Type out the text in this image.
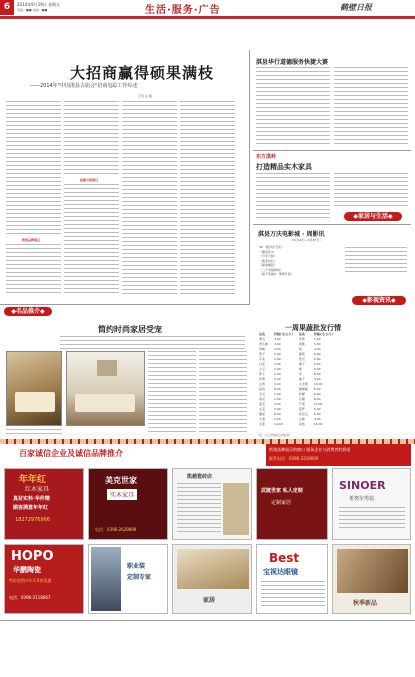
6	2014年9月19日 星期五
责编：■■ 美编：■■	生活·服务·广告	鹤壁日报
大招商赢得硕果满枝
——2014年"中国浚县古庙会"招商追踪工作综述
记者 张 璐
特色品牌项目
招商引资项目
淇县华行道德服务快捷大赛
东方淇岭
打造精品实木家具
◆家居与生活◆
淇县万庆电影城 · 周影讯
（9月19日—9月25日）
3D《银河护卫队》
《敢死队3》
《分手大师》
《黄金时代》
《猩球崛起》
《三个未婚妈妈》
《痞子英雄2：黎明升起》
◆影视资讯◆
◆名品推介◆
简约时尚家居受宠	一周果蔬批发行情
品名	价格(元/公斤)	品名	价格(元/公斤)
黄瓜	4.00	苹果	7.00
西红柿	3.00	香蕉	5.00
青椒	3.00	梨	4.00
茄子	3.00	葡萄	6.00
芹菜	2.00	西瓜	2.00
白菜	1.00	橘子	5.00
土豆	2.00	桃	6.00
萝卜	1.00	枣	8.00
洋葱	2.00	柚子	4.00
豆角	4.00	火龙果	10.00
蒜苔	8.00	猕猴桃	8.00
冬瓜	1.00	柠檬	9.00
南瓜	2.00	石榴	8.00
菠菜	4.00	芒果	10.00
生菜	3.00	菠萝	5.00
蘑菇	8.00	哈密瓜	6.00
大葱	2.00	山楂	4.00
生姜	10.00	荔枝	16.00
（注：以上价格仅供参考）
百家诚信企业及诚信品牌推介	搭建品牌展示的窗口 服务企业与消费者的桥梁
联系电话：0396-3319000
年年红
红木家具
真材实料·华件精
顾客满意年年红
18272976966
美克世家
实木家具
电话：0396-2629899
凯越瓷砖店
武陵世家 私人定制
定制家居
SINOER
希努尔男装
HOPO
华鹏陶瓷
特价促销中3-3.5折优惠
电话：0396-2118667
职业装
定制专家
家居
Best
宝视达眼镜
秋季新品
